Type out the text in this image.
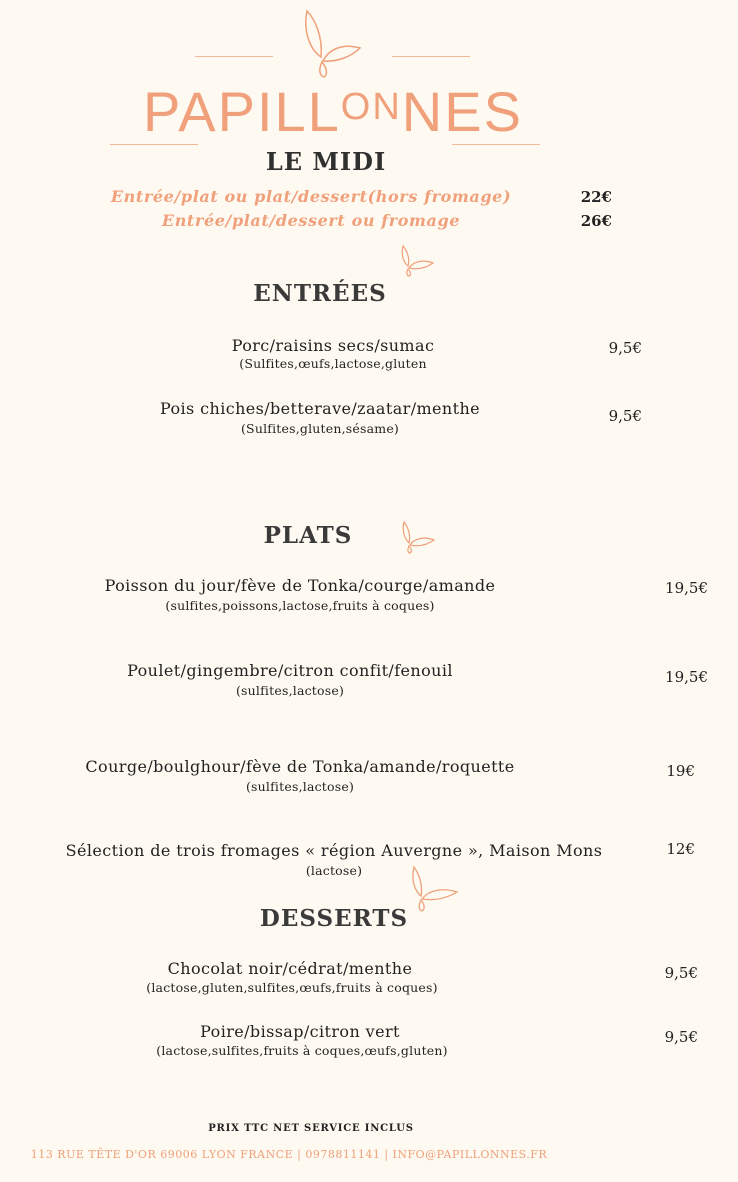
$PAPILL^{ON}NES$
LE MIDI
Entrée/plat ou plat/dessert(hors fromage)	22€
Entrée/plat/dessert ou fromage	26€
ENTRÉES
Porc/raisins secs/sumac
(Sulfites,œufs,lactose,gluten
9,5€
Pois chiches/betterave/zaatar/menthe
(Sulfites,gluten,sésame)
9,5€
PLATS
Poisson du jour/fève de Tonka/courge/amande
(sulfites,poissons,lactose,fruits à coques)
19,5€
Poulet/gingembre/citron confit/fenouil
(sulfites,lactose)
19,5€
Courge/boulghour/fève de Tonka/amande/roquette
(sulfites,lactose)
19€
Sélection de trois fromages « région Auvergne », Maison Mons
(lactose)
12€
DESSERTS
Chocolat noir/cédrat/menthe
(lactose,gluten,sulfites,œufs,fruits à coques)
9,5€
Poire/bissap/citron vert
(lactose,sulfites,fruits à coques,œufs,gluten)
9,5€
PRIX TTC NET SERVICE INCLUS
113 RUE TÊTE D'OR 69006 LYON FRANCE | 0978811141 | INFO@PAPILLONNES.FR
